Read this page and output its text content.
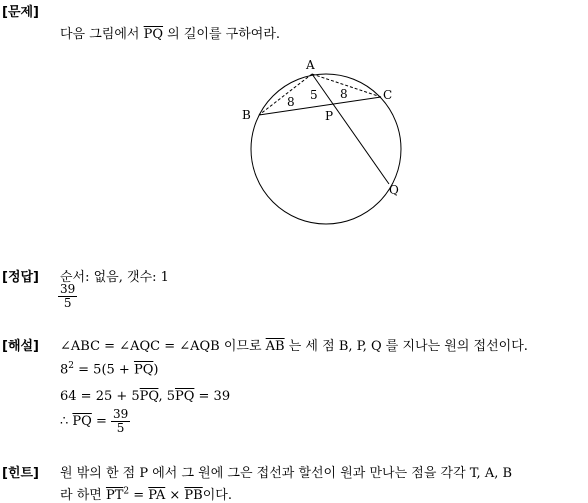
[문제]
다음 그림에서 $\overline{PQ}$ 의 길이를 구하여라.
A
B
C
P
Q
8 5 8
[정답] 순서: 없음, 갯수: 1
$\frac{39}{5}$
[해설] ∠ABC = ∠AQC = ∠AQB 이므로 $\overline{AB}$ 는 세 점 B, P, Q 를 지나는 원의 접선이다.
$8^2 = 5(5 + \overline{PQ})$
$64 = 25 + 5\overline{PQ}$, $5\overline{PQ} = 39$
∴ $\overline{PQ} = \frac{39}{5}$
[힌트] 원 밖의 한 점 P 에서 그 원에 그은 접선과 할선이 원과 만나는 점을 각각 T, A, B
라 하면 $\overline{PT}^2 = \overline{PA} \times \overline{PB}$이다.
